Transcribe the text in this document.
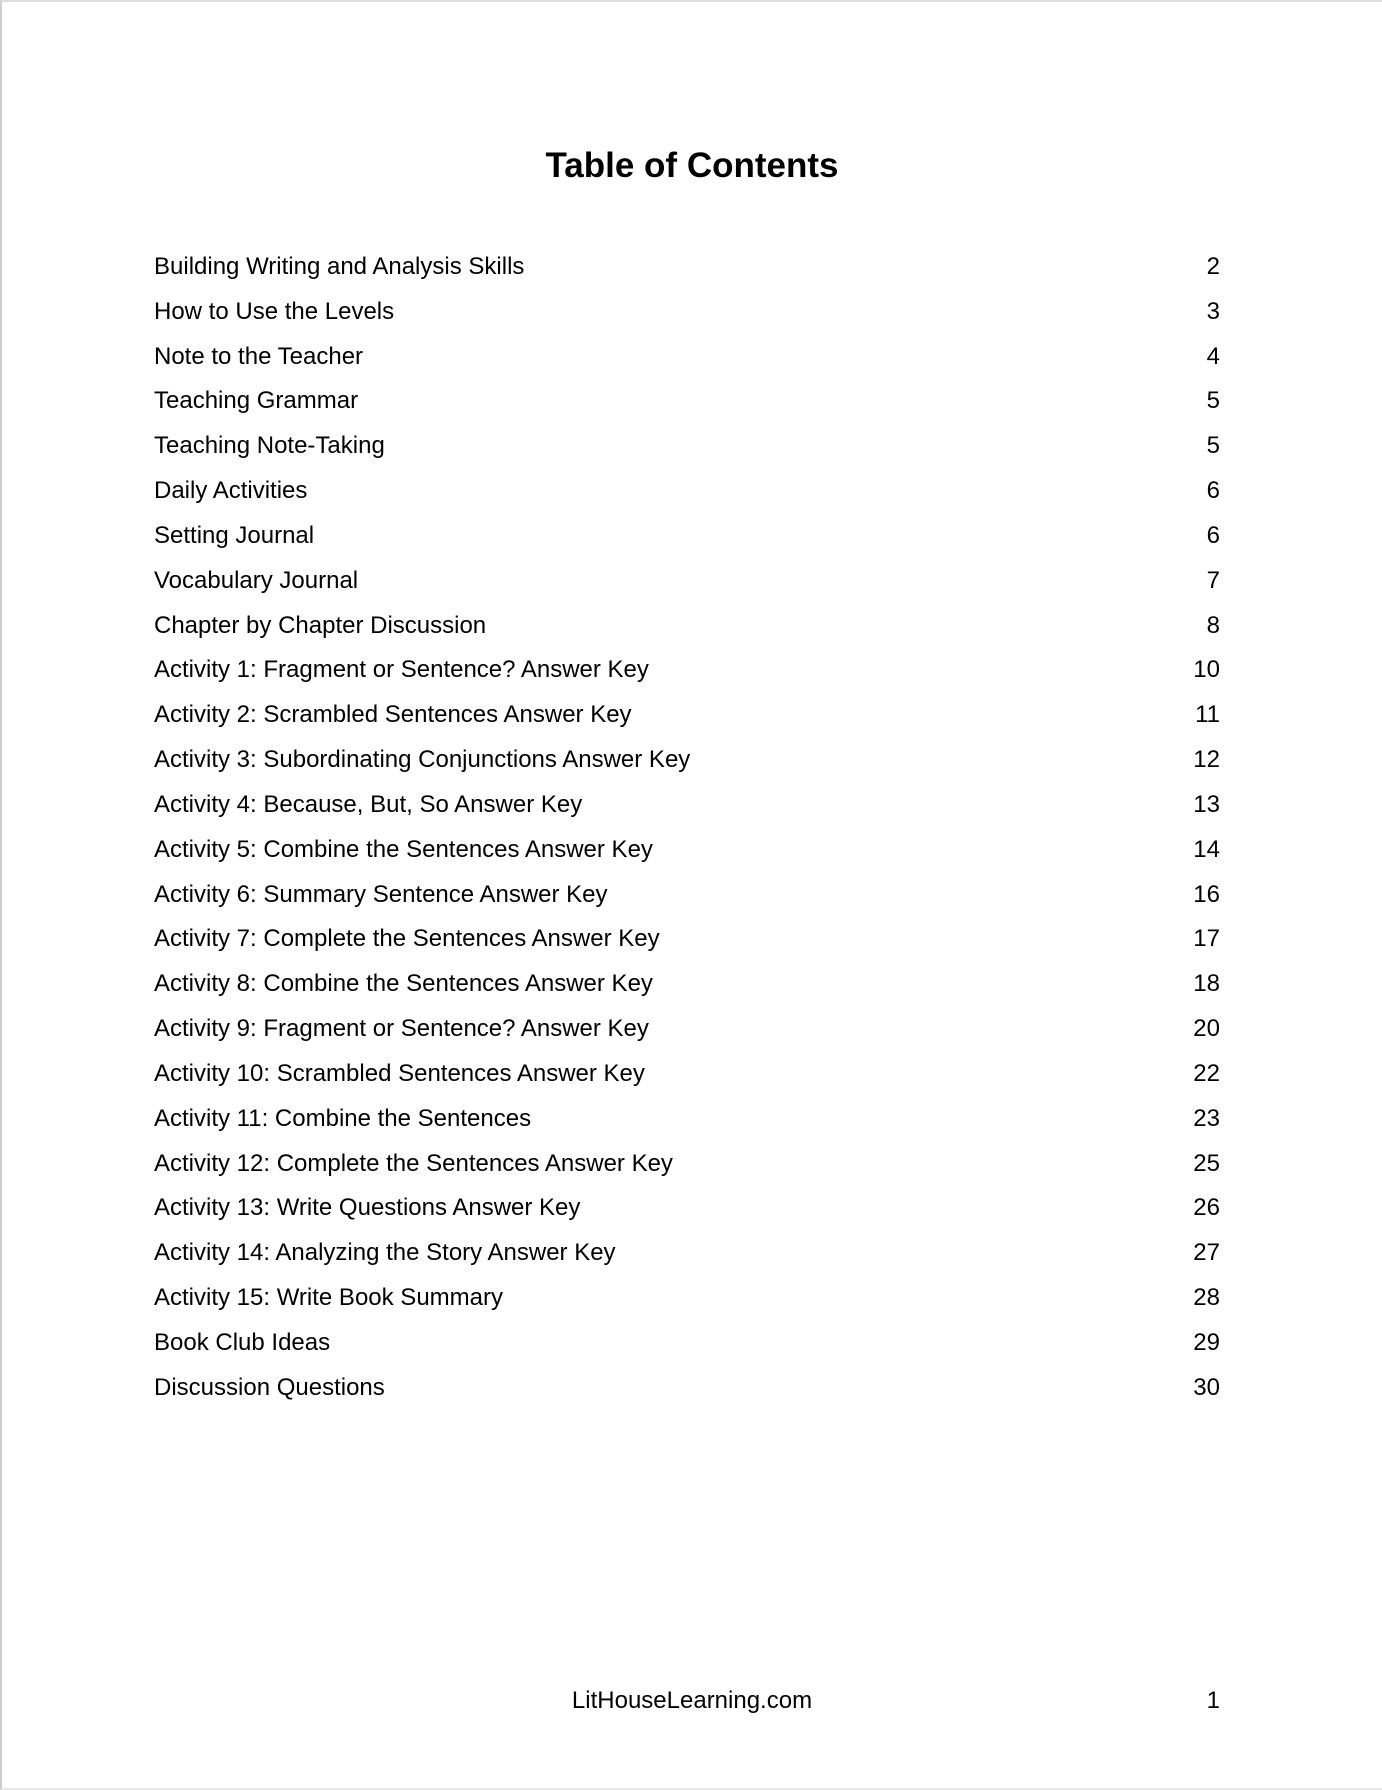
Table of Contents
Building Writing and Analysis Skills	2
How to Use the Levels	3
Note to the Teacher	4
Teaching Grammar	5
Teaching Note-Taking	5
Daily Activities	6
Setting Journal	6
Vocabulary Journal	7
Chapter by Chapter Discussion	8
Activity 1: Fragment or Sentence? Answer Key	10
Activity 2: Scrambled Sentences Answer Key	11
Activity 3: Subordinating Conjunctions Answer Key	12
Activity 4: Because, But, So Answer Key	13
Activity 5: Combine the Sentences Answer Key	14
Activity 6: Summary Sentence Answer Key	16
Activity 7: Complete the Sentences Answer Key	17
Activity 8: Combine the Sentences Answer Key	18
Activity 9: Fragment or Sentence? Answer Key	20
Activity 10: Scrambled Sentences Answer Key	22
Activity 11: Combine the Sentences	23
Activity 12: Complete the Sentences Answer Key	25
Activity 13: Write Questions Answer Key	26
Activity 14: Analyzing the Story Answer Key	27
Activity 15: Write Book Summary	28
Book Club Ideas	29
Discussion Questions	30
LitHouseLearning.com	1
